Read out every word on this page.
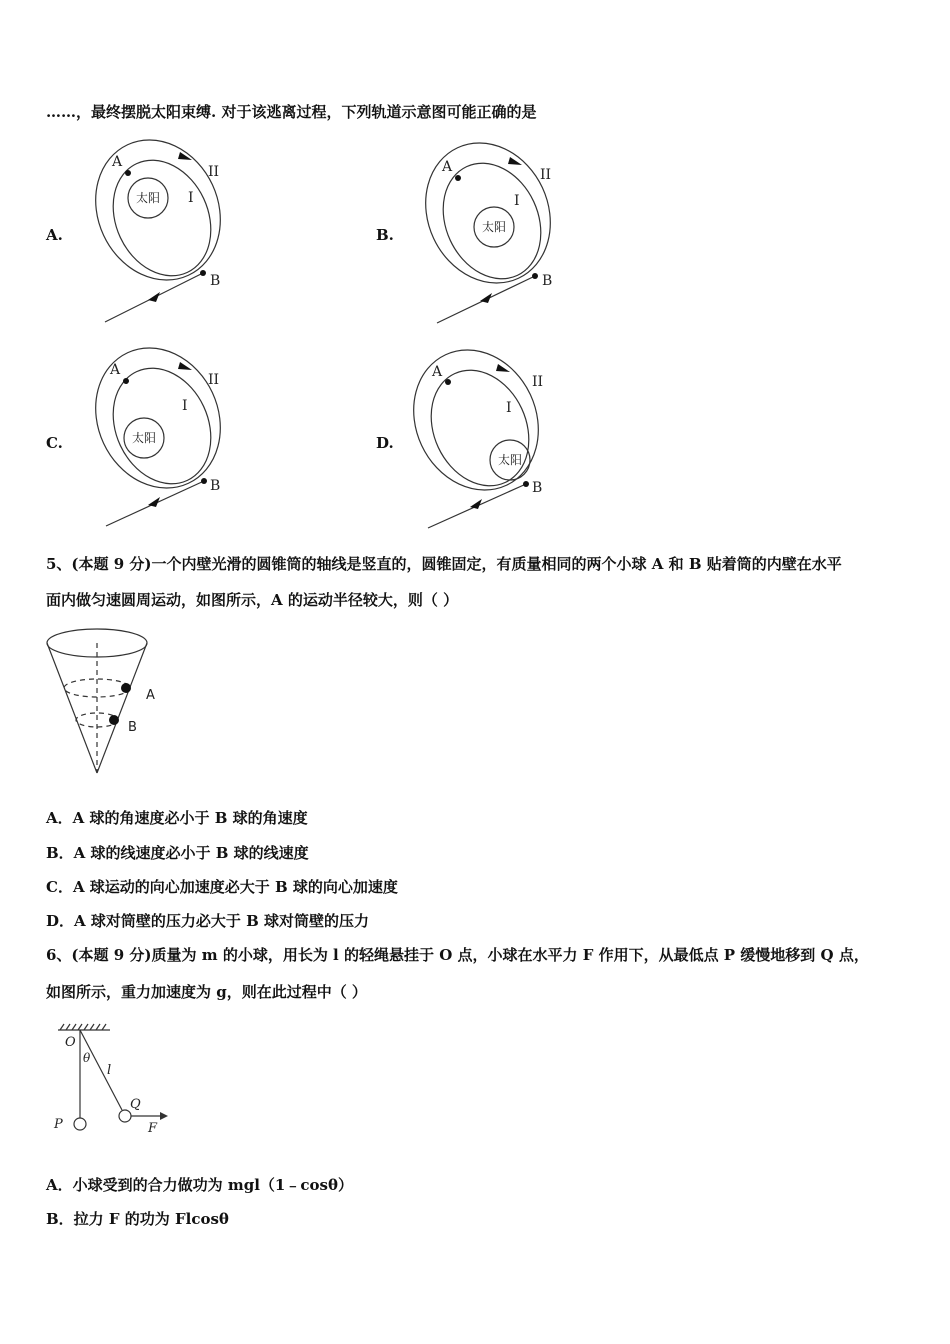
……，最终摆脱太阳束缚. 对于该逃离过程，下列轨道示意图可能正确的是
A.	B.
C.	D.
A
B
I
II
太阳
A
B
I
II
太阳
A
B
I
II
太阳
A
B
I
II
太阳
5、(本题 9 分)一个内壁光滑的圆锥筒的轴线是竖直的，圆锥固定，有质量相同的两个小球 A 和 B 贴着筒的内壁在水平
面内做匀速圆周运动，如图所示，A 的运动半径较大，则（ ）
A
B
A．A 球的角速度必小于 B 球的角速度
B．A 球的线速度必小于 B 球的线速度
C．A 球运动的向心加速度必大于 B 球的向心加速度
D．A 球对筒壁的压力必大于 B 球对筒壁的压力
6、(本题 9 分)质量为 m 的小球，用长为 l 的轻绳悬挂于 O 点，小球在水平力 F 作用下，从最低点 P 缓慢地移到 Q 点，
如图所示，重力加速度为 g，则在此过程中（ ）
O
θ
l
P
Q
F
A．小球受到的合力做功为 mgl（1﹣cosθ）
B．拉力 F 的功为 Flcosθ
